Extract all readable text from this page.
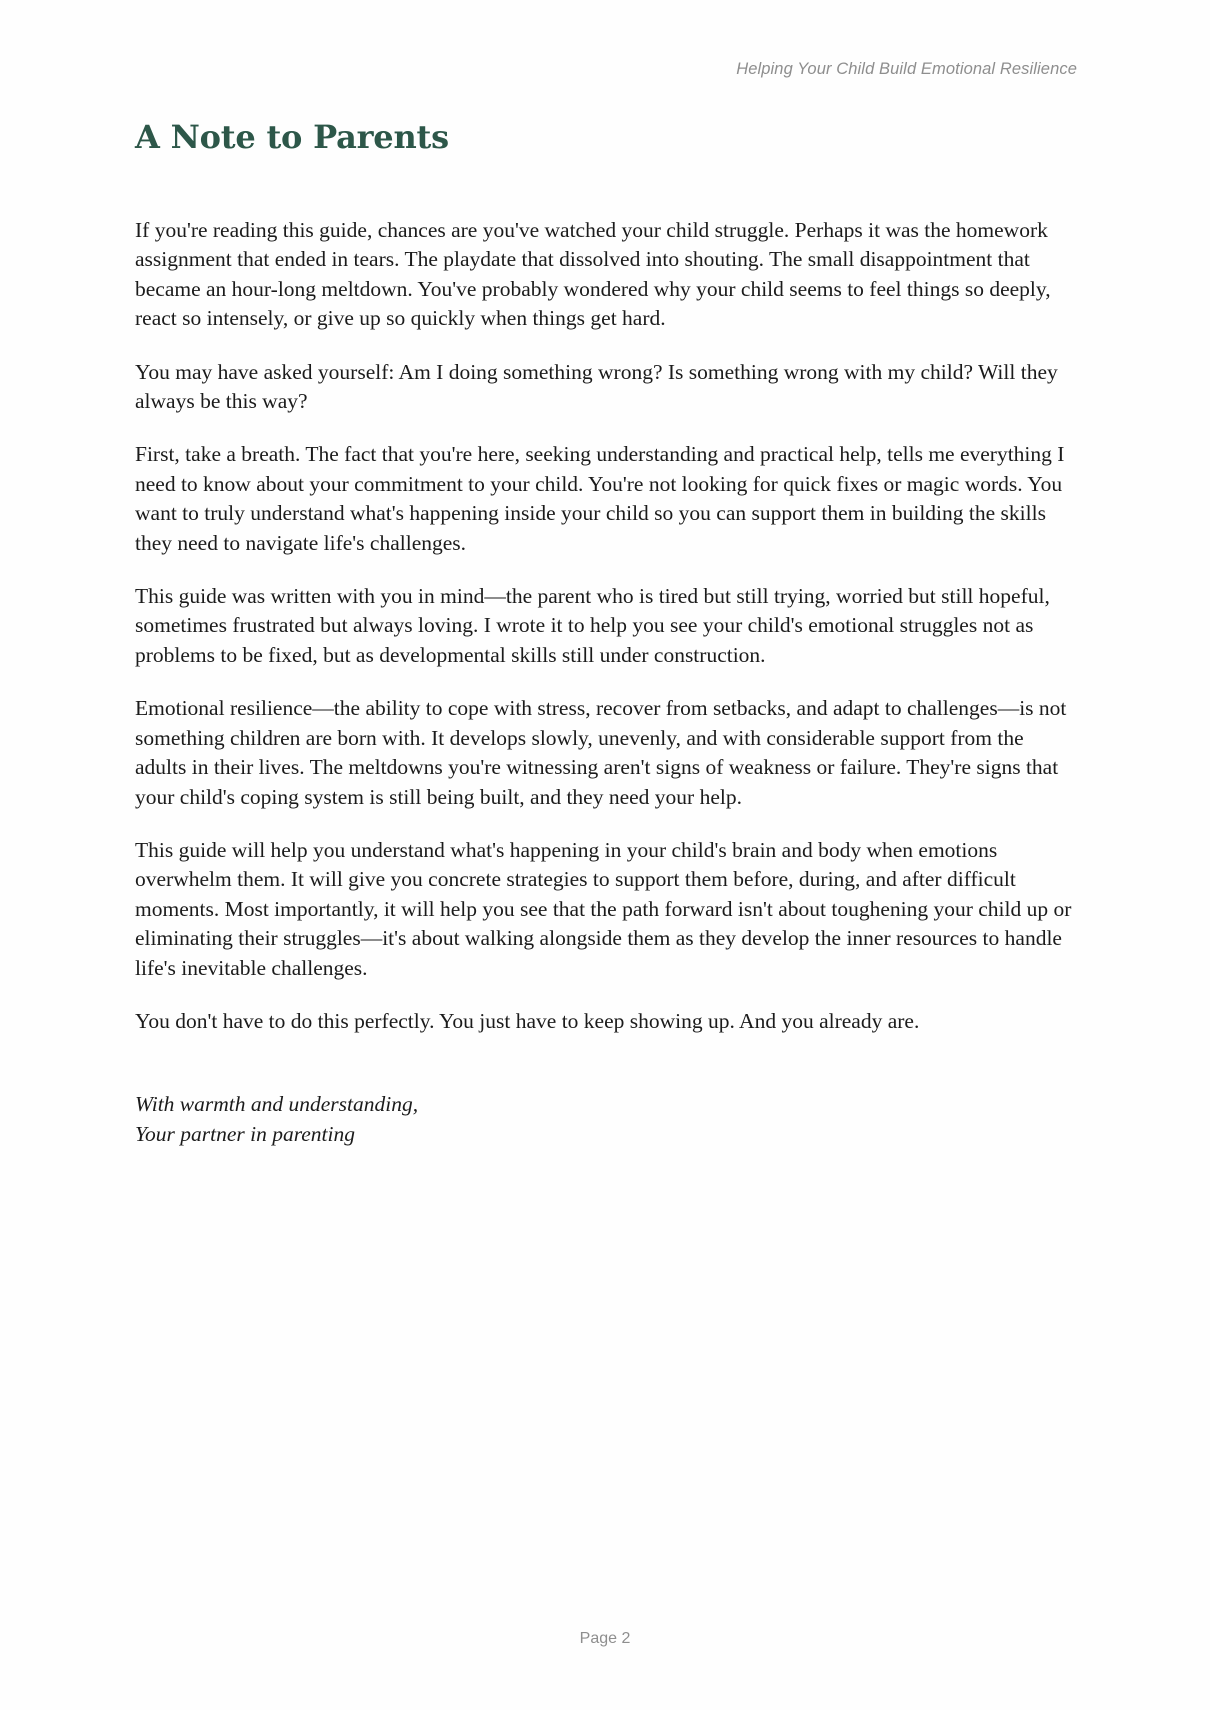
Helping Your Child Build Emotional Resilience
A Note to Parents

If you're reading this guide, chances are you've watched your child struggle. Perhaps it was the homework assignment that ended in tears. The playdate that dissolved into shouting. The small disappointment that became an hour-long meltdown. You've probably wondered why your child seems to feel things so deeply, react so intensely, or give up so quickly when things get hard.

You may have asked yourself: Am I doing something wrong? Is something wrong with my child? Will they always be this way?

First, take a breath. The fact that you're here, seeking understanding and practical help, tells me everything I need to know about your commitment to your child. You're not looking for quick fixes or magic words. You want to truly understand what's happening inside your child so you can support them in building the skills they need to navigate life's challenges.

This guide was written with you in mind—the parent who is tired but still trying, worried but still hopeful, sometimes frustrated but always loving. I wrote it to help you see your child's emotional struggles not as problems to be fixed, but as developmental skills still under construction.

Emotional resilience—the ability to cope with stress, recover from setbacks, and adapt to challenges—is not something children are born with. It develops slowly, unevenly, and with considerable support from the adults in their lives. The meltdowns you're witnessing aren't signs of weakness or failure. They're signs that your child's coping system is still being built, and they need your help.

This guide will help you understand what's happening in your child's brain and body when emotions overwhelm them. It will give you concrete strategies to support them before, during, and after difficult moments. Most importantly, it will help you see that the path forward isn't about toughening your child up or eliminating their struggles—it's about walking alongside them as they develop the inner resources to handle life's inevitable challenges.

You don't have to do this perfectly. You just have to keep showing up. And you already are.

With warmth and understanding,
Your partner in parenting
Page 2
